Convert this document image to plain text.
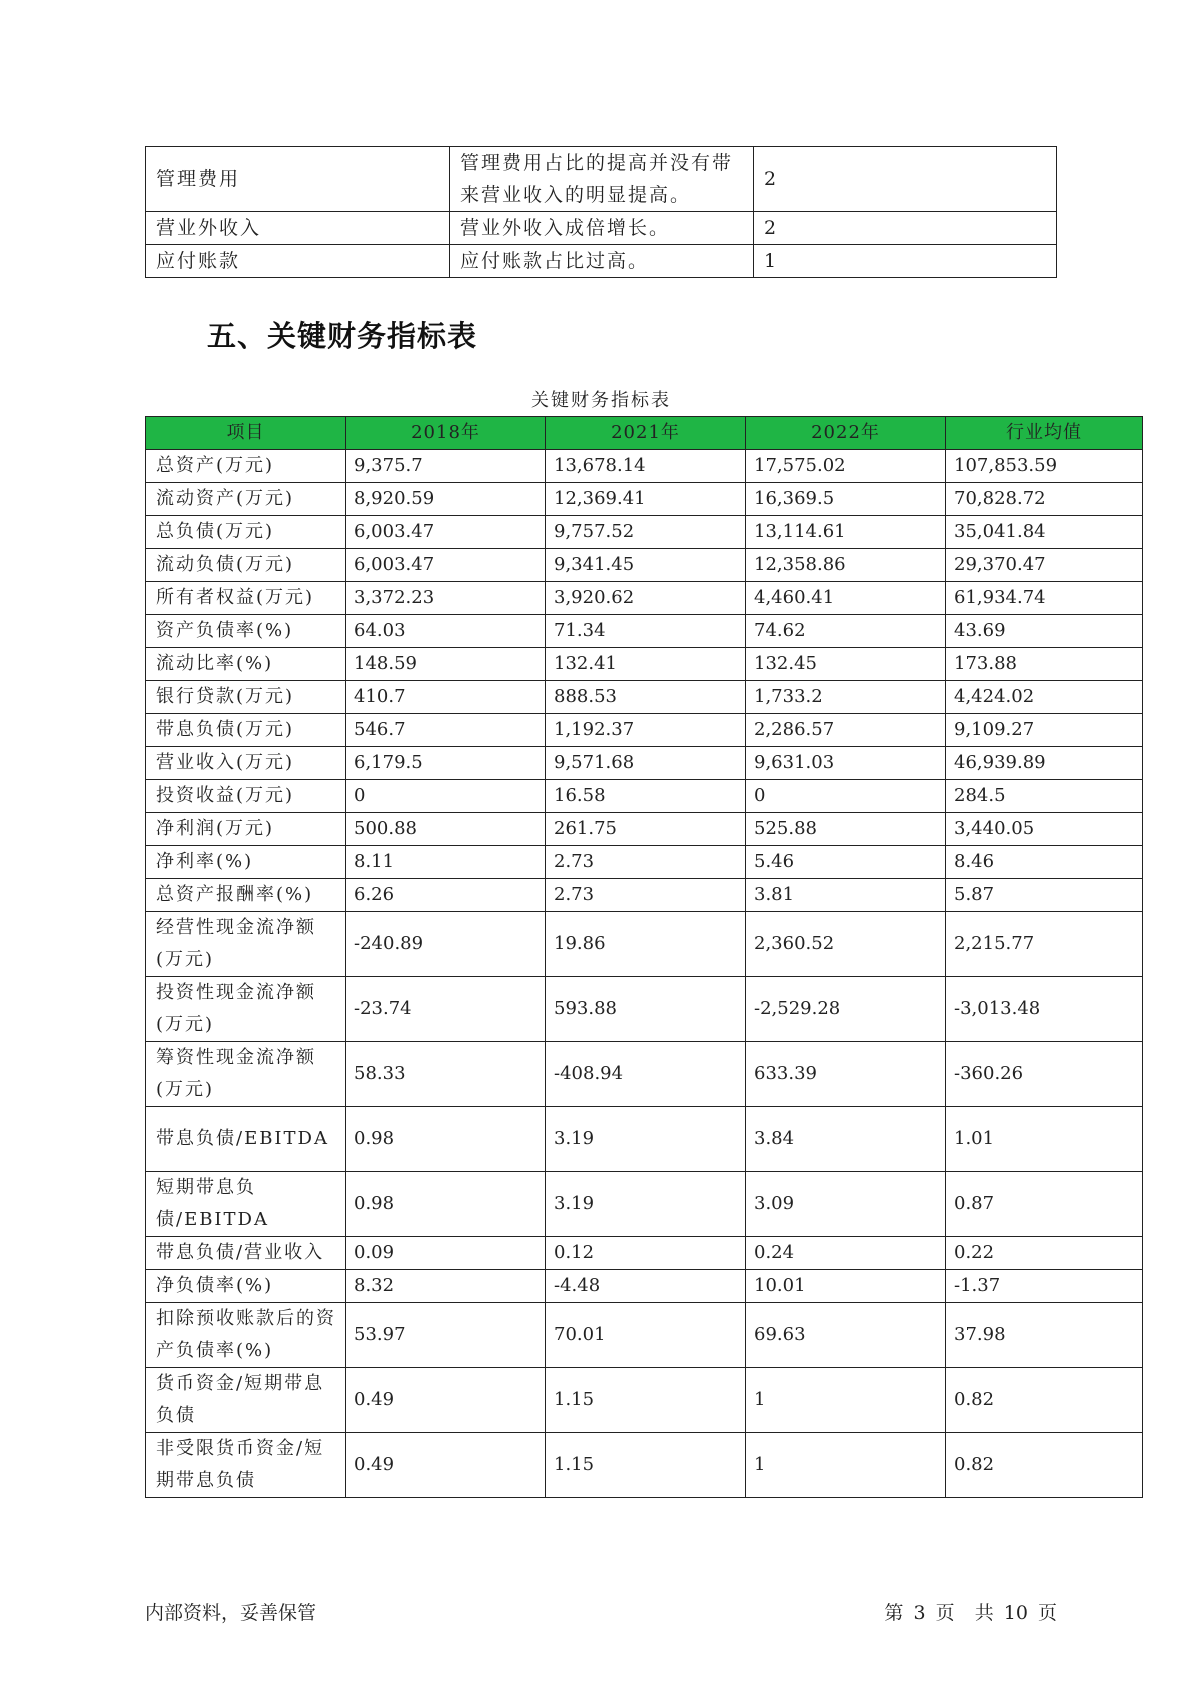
管理费用	管理费用占比的提高并没有带来营业收入的明显提高。	2
营业外收入	营业外收入成倍增长。	2
应付账款	应付账款占比过高。	1
五、关键财务指标表
关键财务指标表
项目	2018年	2021年	2022年	行业均值
总资产(万元)	9,375.7	13,678.14	17,575.02	107,853.59
流动资产(万元)	8,920.59	12,369.41	16,369.5	70,828.72
总负债(万元)	6,003.47	9,757.52	13,114.61	35,041.84
流动负债(万元)	6,003.47	9,341.45	12,358.86	29,370.47
所有者权益(万元)	3,372.23	3,920.62	4,460.41	61,934.74
资产负债率(%)	64.03	71.34	74.62	43.69
流动比率(%)	148.59	132.41	132.45	173.88
银行贷款(万元)	410.7	888.53	1,733.2	4,424.02
带息负债(万元)	546.7	1,192.37	2,286.57	9,109.27
营业收入(万元)	6,179.5	9,571.68	9,631.03	46,939.89
投资收益(万元)	0	16.58	0	284.5
净利润(万元)	500.88	261.75	525.88	3,440.05
净利率(%)	8.11	2.73	5.46	8.46
总资产报酬率(%)	6.26	2.73	3.81	5.87
经营性现金流净额(万元)	-240.89	19.86	2,360.52	2,215.77
投资性现金流净额(万元)	-23.74	593.88	-2,529.28	-3,013.48
筹资性现金流净额(万元)	58.33	-408.94	633.39	-360.26
带息负债/EBITDA	0.98	3.19	3.84	1.01
短期带息负债/EBITDA	0.98	3.19	3.09	0.87
带息负债/营业收入	0.09	0.12	0.24	0.22
净负债率(%)	8.32	-4.48	10.01	-1.37
扣除预收账款后的资产负债率(%)	53.97	70.01	69.63	37.98
货币资金/短期带息负债	0.49	1.15	1	0.82
非受限货币资金/短期带息负债	0.49	1.15	1	0.82
内部资料，妥善保管	第 3 页 共 10 页
